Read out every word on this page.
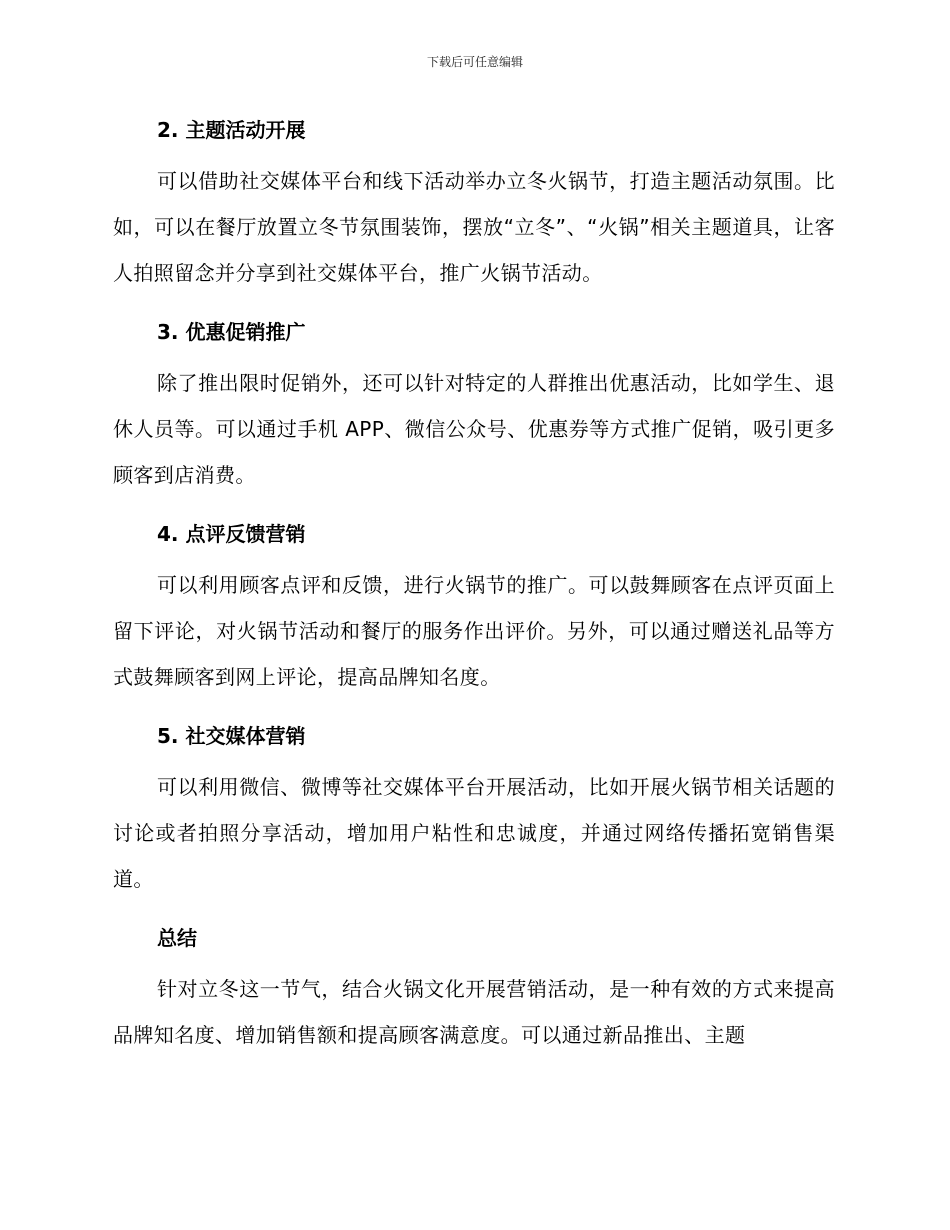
下载后可任意编辑
2. 主题活动开展

可以借助社交媒体平台和线下活动举办立冬火锅节，打造主题活动氛围。比如，可以在餐厅放置立冬节氛围装饰，摆放“立冬”、“火锅”相关主题道具，让客人拍照留念并分享到社交媒体平台，推广火锅节活动。

3. 优惠促销推广

除了推出限时促销外，还可以针对特定的人群推出优惠活动，比如学生、退休人员等。可以通过手机 APP、微信公众号、优惠券等方式推广促销，吸引更多顾客到店消费。

4. 点评反馈营销

可以利用顾客点评和反馈，进行火锅节的推广。可以鼓舞顾客在点评页面上留下评论，对火锅节活动和餐厅的服务作出评价。另外，可以通过赠送礼品等方式鼓舞顾客到网上评论，提高品牌知名度。

5. 社交媒体营销

可以利用微信、微博等社交媒体平台开展活动，比如开展火锅节相关话题的讨论或者拍照分享活动，增加用户粘性和忠诚度，并通过网络传播拓宽销售渠道。

总结

针对立冬这一节气，结合火锅文化开展营销活动，是一种有效的方式来提高品牌知名度、增加销售额和提高顾客满意度。可以通过新品推出、主题
